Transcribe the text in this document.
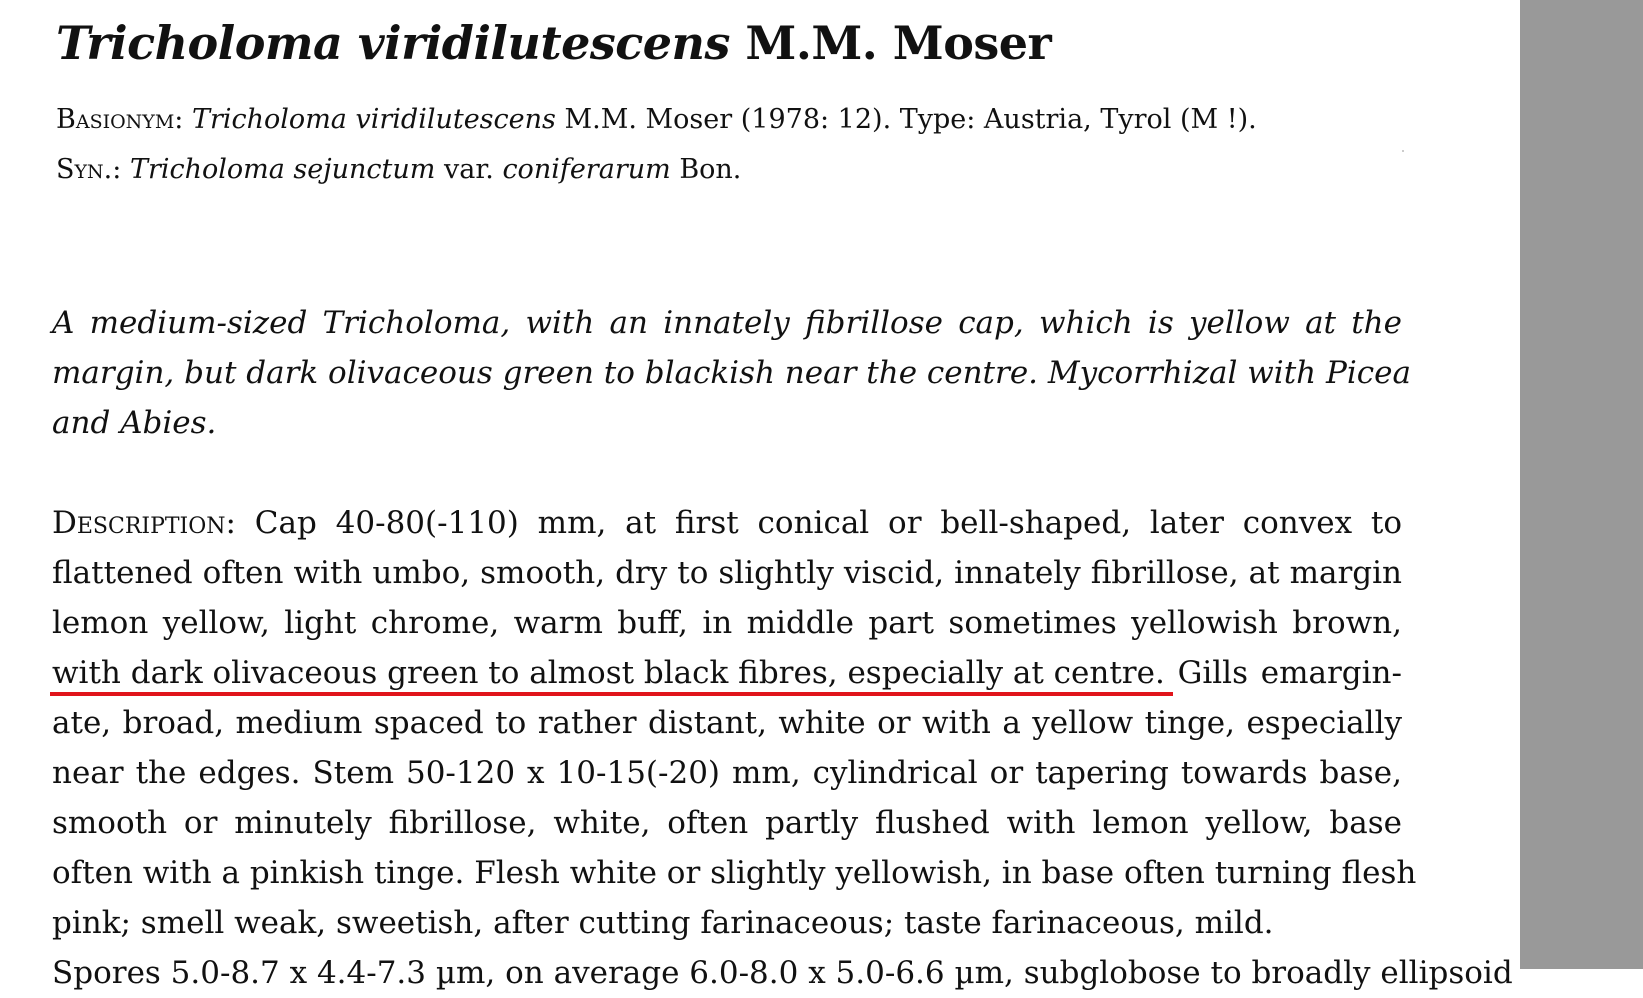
Tricholoma viridilutescens M.M. Moser
Basionym: Tricholoma viridilutescens M.M. Moser (1978: 12). Type: Austria, Tyrol (M !).
Syn.: Tricholoma sejunctum var. coniferarum Bon.
A medium-sized Tricholoma, with an innately fibrillose cap, which is yellow at the
margin, but dark olivaceous green to blackish near the centre. Mycorrhizal with Picea
and Abies.
Description: Cap 40-80(-110) mm, at first conical or bell-shaped, later convex to
flattened often with umbo, smooth, dry to slightly viscid, innately fibrillose, at margin
lemon yellow, light chrome, warm buff, in middle part sometimes yellowish brown,
with dark olivaceous green to almost black fibres, especially at centre.
Gills emargin-
ate, broad, medium spaced to rather distant, white or with a yellow tinge, especially
near the edges. Stem 50-120 x 10-15(-20) mm, cylindrical or tapering towards base,
smooth or minutely fibrillose, white, often partly flushed with lemon yellow, base
often with a pinkish tinge. Flesh white or slightly yellowish, in base often turning flesh
pink; smell weak, sweetish, after cutting farinaceous; taste farinaceous, mild.
Spores 5.0-8.7 x 4.4-7.3 µm, on average 6.0-8.0 x 5.0-6.6 µm, subglobose to broadly ellipsoid
